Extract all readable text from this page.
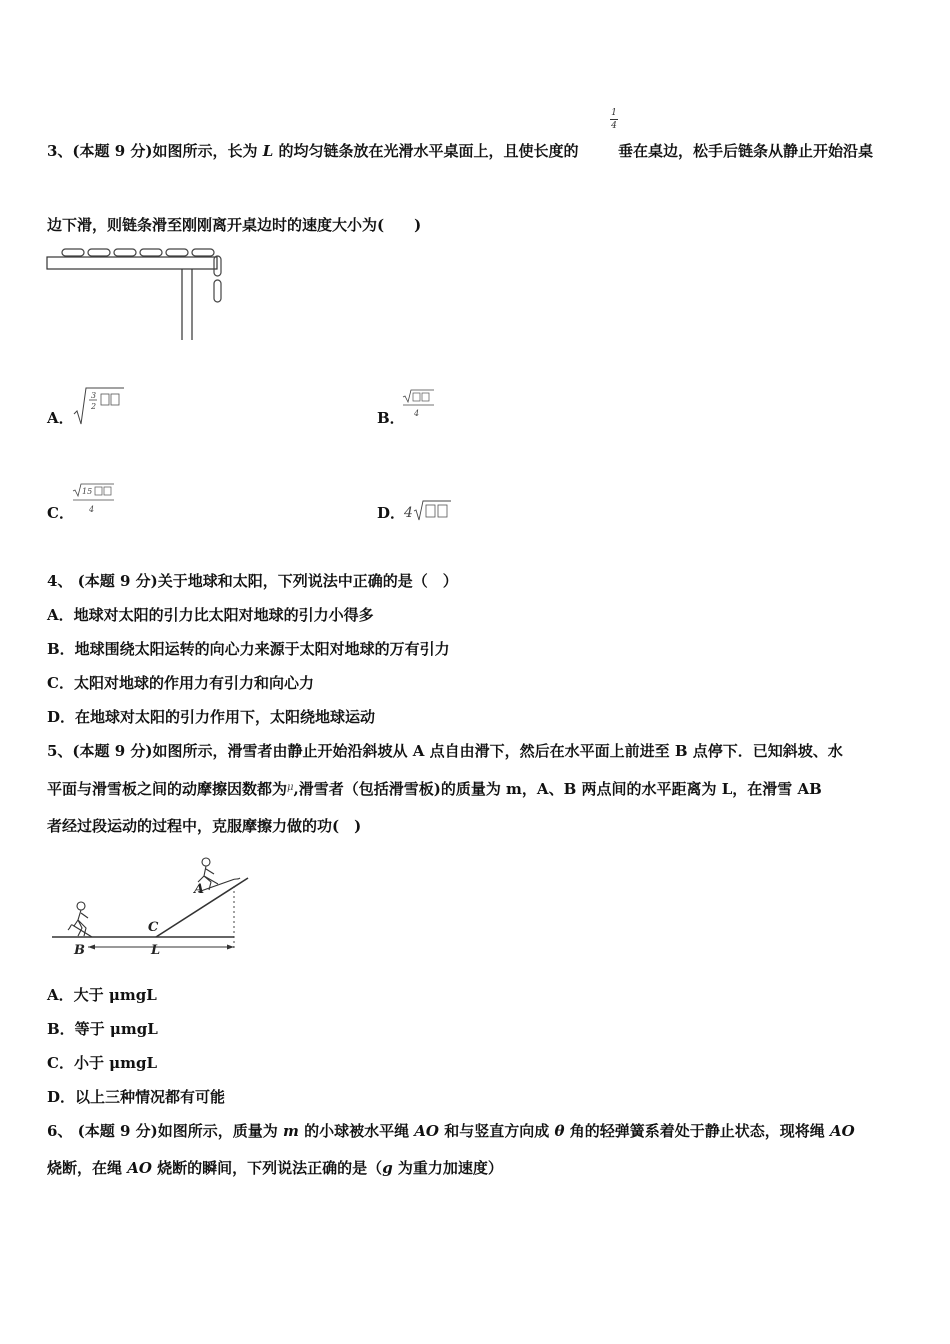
3、(本题 9 分)如图所示，长为 L 的均匀链条放在光滑水平桌面上，且使长度的
1
4
垂在桌边，松手后链条从静止开始沿桌
边下滑，则链条滑至刚刚离开桌边时的速度大小为(　　)
A．
3
2
B． 4
C．
15
4	D．
4
4、 (本题 9 分)关于地球和太阳，下列说法中正确的是（　）
A．地球对太阳的引力比太阳对地球的引力小得多
B．地球围绕太阳运转的向心力来源于太阳对地球的万有引力
C．太阳对地球的作用力有引力和向心力
D．在地球对太阳的引力作用下，太阳绕地球运动
5、(本题 9 分)如图所示，滑雪者由静止开始沿斜坡从 A 点自由滑下，然后在水平面上前进至 B 点停下．已知斜坡、水
平面与滑雪板之间的动摩擦因数都为$^\mu$,滑雪者（包括滑雪板)的质量为 m，A、B 两点间的水平距离为 L，在滑雪 AB
者经过段运动的过程中，克服摩擦力做的功(　)
A
C
B	L
A．大于 μmgL
B．等于 μmgL
C．小于 μmgL
D．以上三种情况都有可能
6、 (本题 9 分)如图所示，质量为 m 的小球被水平绳 AO 和与竖直方向成 θ 角的轻弹簧系着处于静止状态，现将绳 AO
烧断，在绳 AO 烧断的瞬间，下列说法正确的是（g 为重力加速度）
